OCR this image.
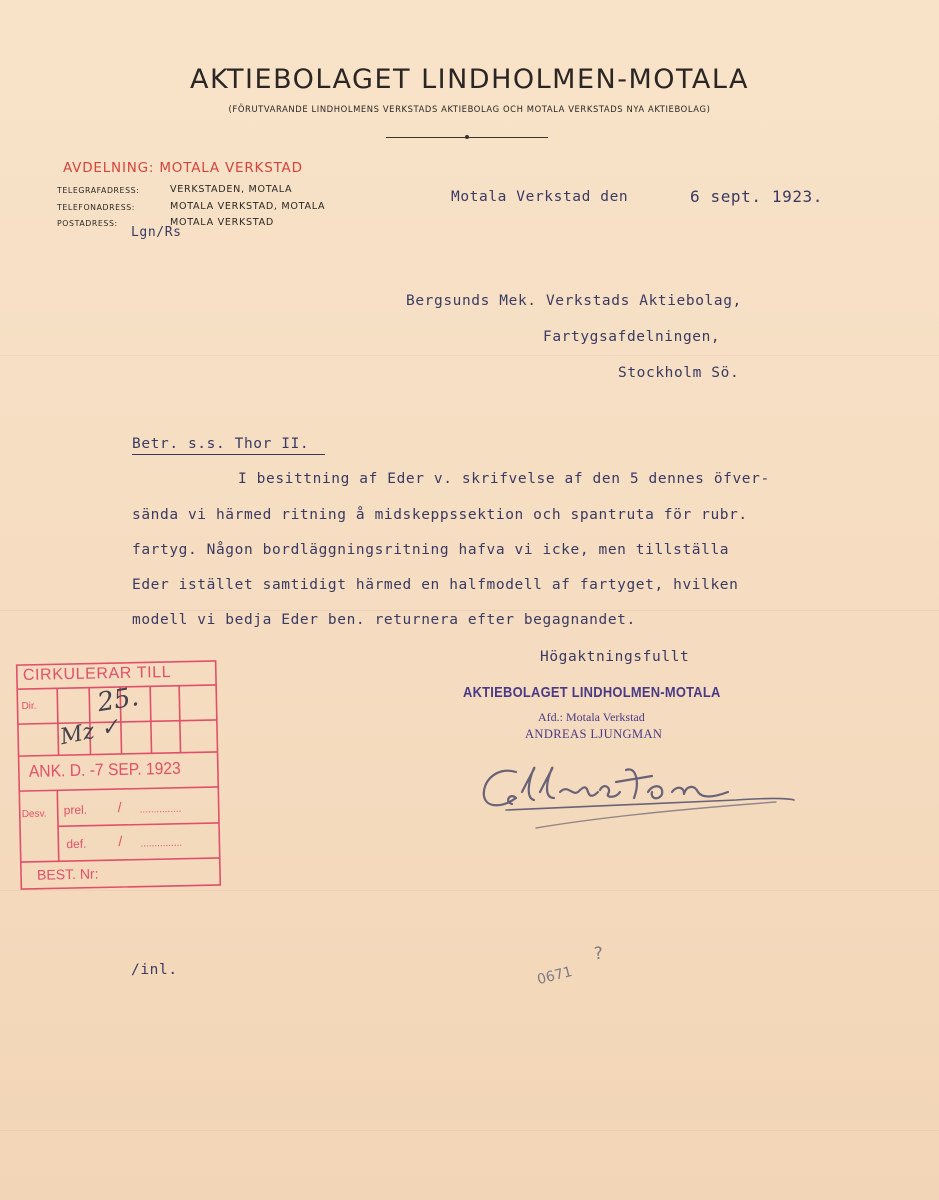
AKTIEBOLAGET LINDHOLMEN-MOTALA
(FÖRUTVARANDE LINDHOLMENS VERKSTADS AKTIEBOLAG OCH MOTALA VERKSTADS NYA AKTIEBOLAG)
AVDELNING: MOTALA VERKSTAD
TELEGRAFADRESS:	VERKSTADEN, MOTALA
TELEFONADRESS:	MOTALA VERKSTAD, MOTALA
POSTADRESS:	MOTALA VERKSTAD
Lgn/Rs
Motala Verkstad den	6 sept. 1923.
Bergsunds Mek. Verkstads Aktiebolag,
Fartygsafdelningen,
Stockholm Sö.
Betr. s.s. Thor II.
I besittning af Eder v. skrifvelse af den 5 dennes öfver-
sända vi härmed ritning å midskeppssektion och spantruta för rubr.
fartyg. Någon bordläggningsritning hafva vi icke, men tillställa
Eder istället samtidigt härmed en halfmodell af fartyget, hvilken
modell vi bedja Eder ben. returnera efter begagnandet.
Högaktningsfullt
AKTIEBOLAGET LINDHOLMEN-MOTALA
Afd.: Motala Verkstad
ANDREAS LJUNGMAN
CIRKULERAR TILL
Dir. 25.
Mz ✓
ANK. D. -7 SEP. 1923
Desv. prel. / ...............
def. / ...............
BEST. Nr:
/inl.	0671
?
